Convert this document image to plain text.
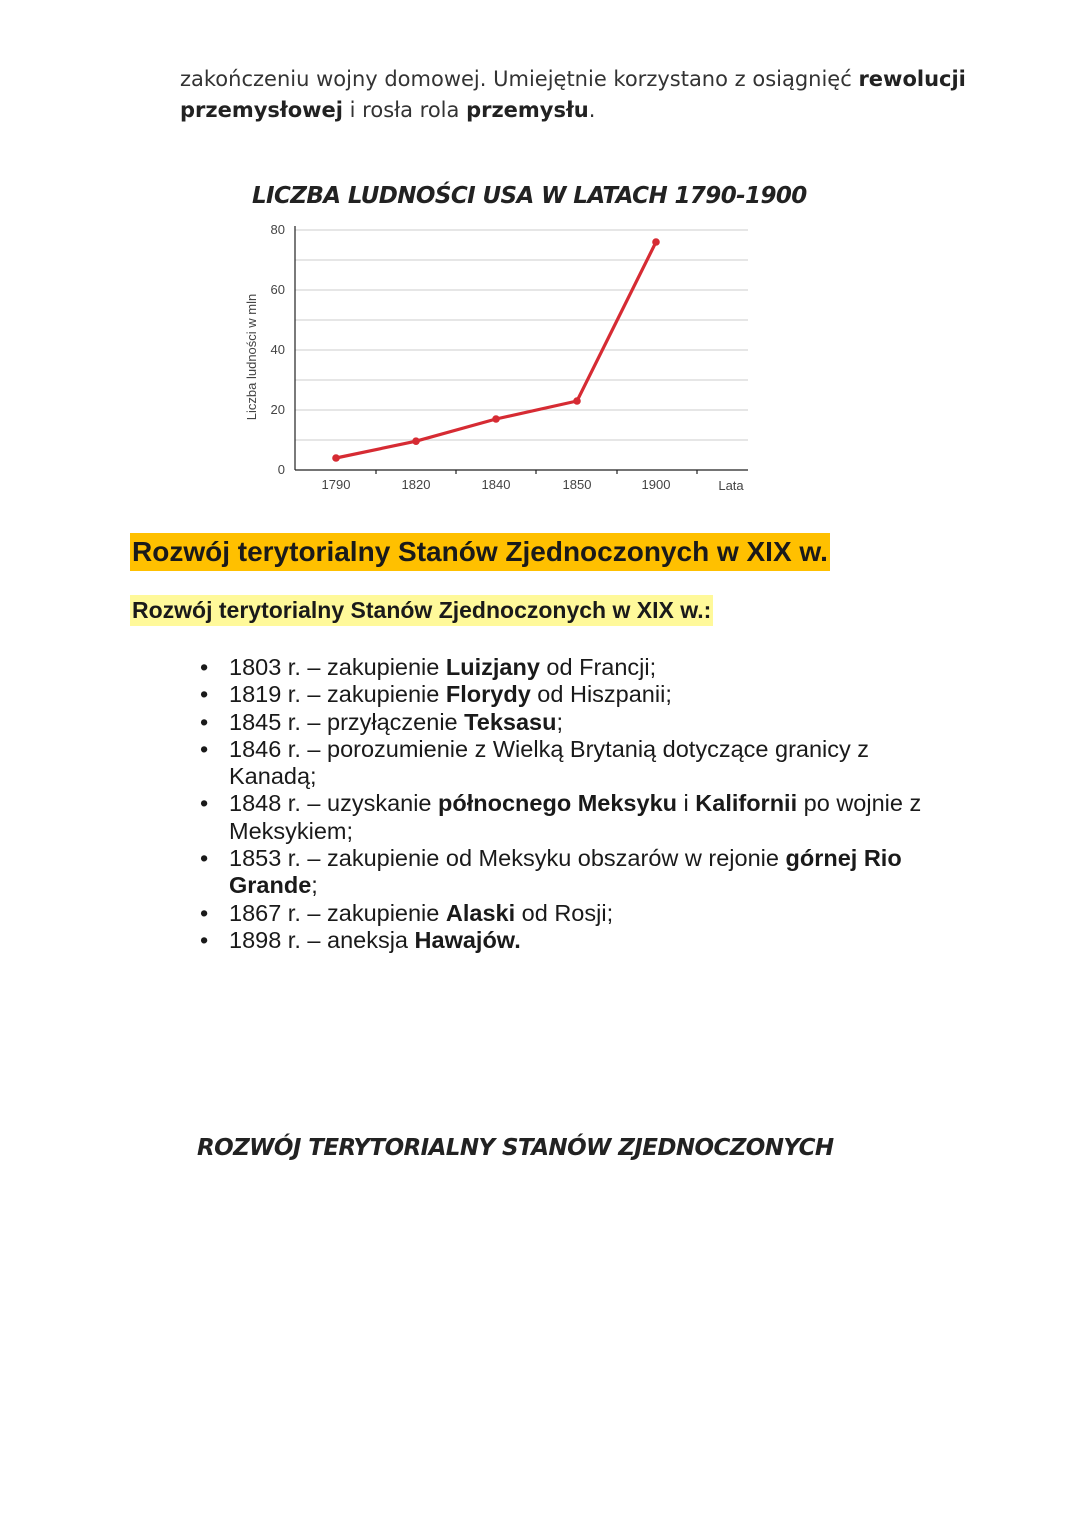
zakończeniu wojny domowej. Umiejętnie korzystano z osiągnięć rewolucji przemysłowej i rosła rola przemysłu.
LICZBA LUDNOŚCI USA W LATACH 1790-1900
0
20
40
60
80
1790	1820	1840	1850	1900	Lata
Liczba ludności w mln
Rozwój terytorialny Stanów Zjednoczonych w XIX w.
Rozwój terytorialny Stanów Zjednoczonych w XIX w.:
• 1803 r. – zakupienie Luizjany od Francji;
• 1819 r. – zakupienie Florydy od Hiszpanii;
• 1845 r. – przyłączenie Teksasu;
• 1846 r. – porozumienie z Wielką Brytanią dotyczące granicy z Kanadą;
• 1848 r. – uzyskanie północnego Meksyku i Kalifornii po wojnie z Meksykiem;
• 1853 r. – zakupienie od Meksyku obszarów w rejonie górnej Rio Grande;
• 1867 r. – zakupienie Alaski od Rosji;
• 1898 r. – aneksja Hawajów.
ROZWÓJ TERYTORIALNY STANÓW ZJEDNOCZONYCH
